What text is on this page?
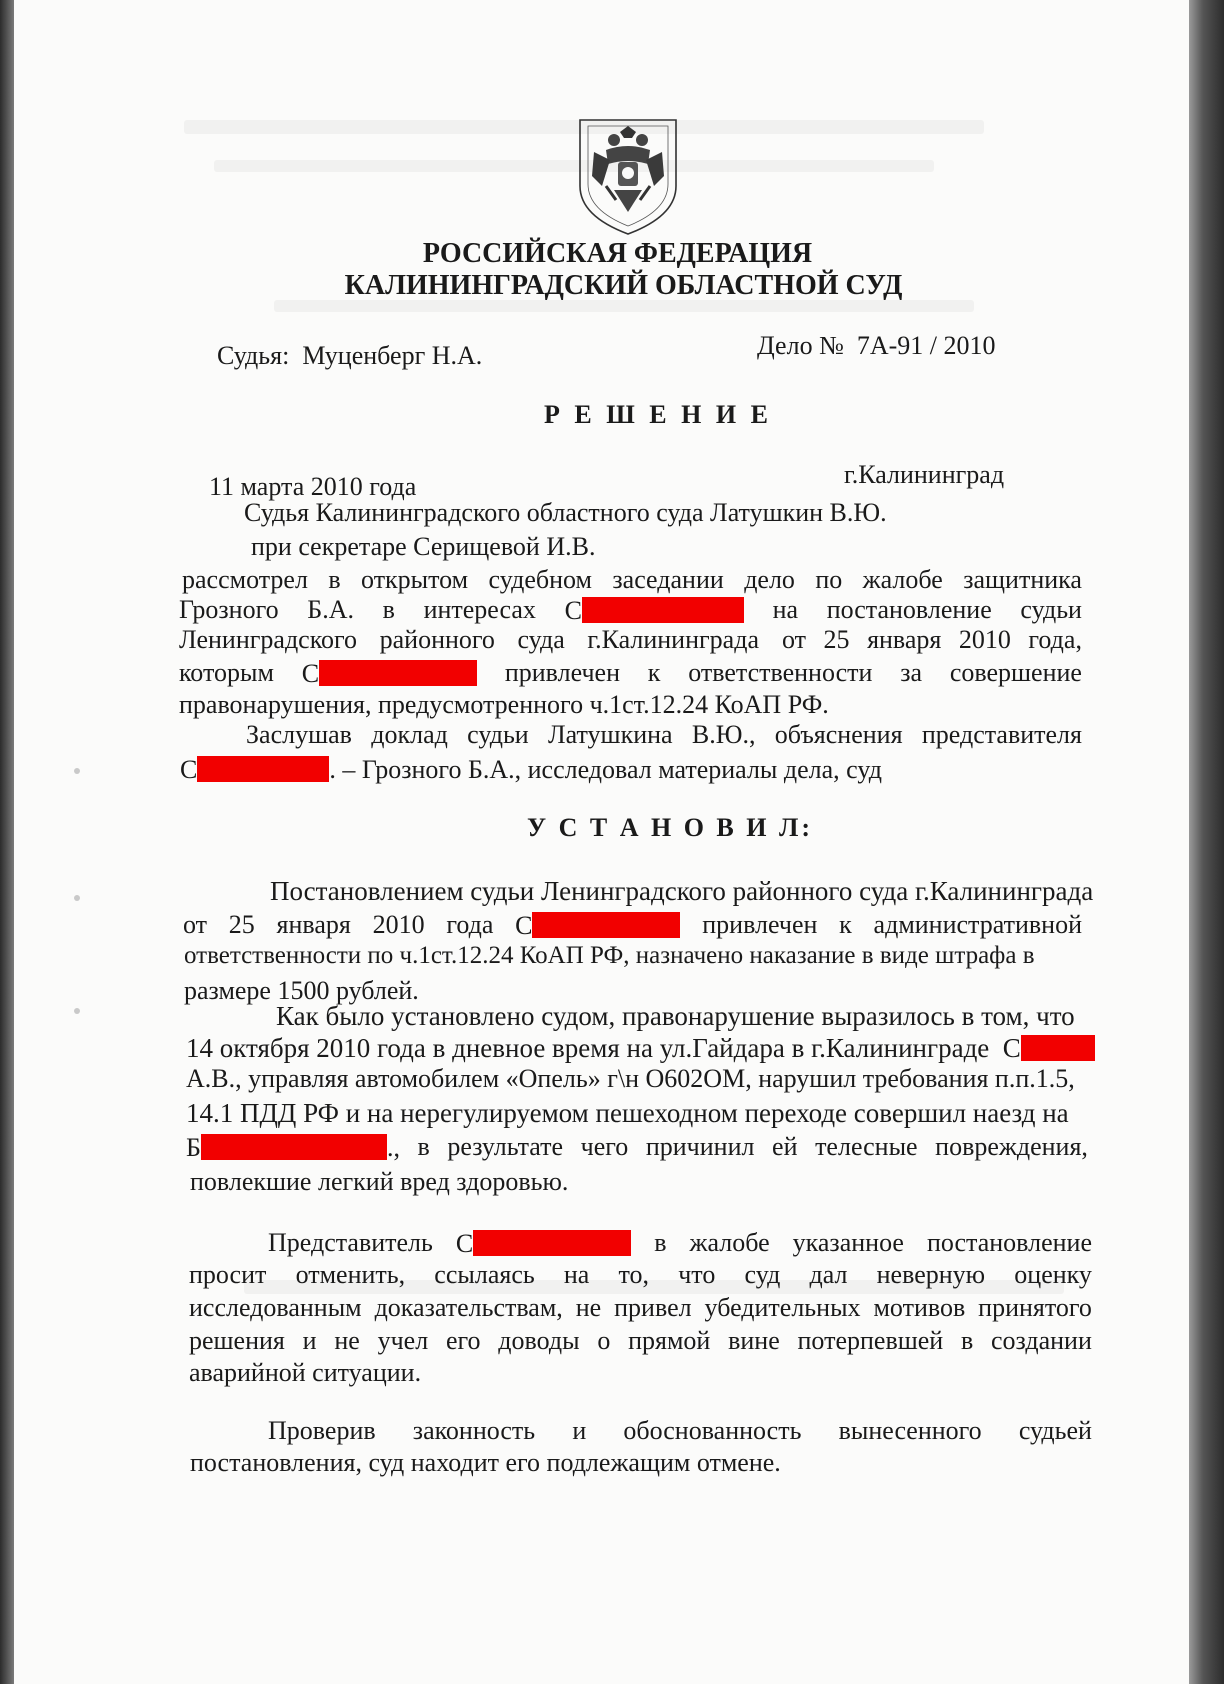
РОССИЙСКАЯ ФЕДЕРАЦИЯ
КАЛИНИНГРАДСКИЙ ОБЛАСТНОЙ СУД
Судья: Муценберг Н.А.	Дело № 7А-91 / 2010
Р Е Ш Е Н И Е
11 марта 2010 года	г.Калининград
Судья Калининградского областного суда Латушкин В.Ю.
при секретаре Серищевой И.В.
рассмотрел в открытом судебном заседании дело по жалобе защитника
Грозного Б.А. в интересах С	на постановление судьи
Ленинградского районного суда г.Калининграда от 25 января 2010 года,
которым С	привлечен к ответственности за совершение
правонарушения, предусмотренного ч.1ст.12.24 КоАП РФ.
Заслушав доклад судьи Латушкина В.Ю., объяснения представителя
С	. – Грозного Б.А., исследовал материалы дела, суд
У С Т А Н О В И Л:
Постановлением судьи Ленинградского районного суда г.Калининграда
от 25 января 2010 года С	привлечен к административной
ответственности по ч.1ст.12.24 КоАП РФ, назначено наказание в виде штрафа в
размере 1500 рублей.
Как было установлено судом, правонарушение выразилось в том, что
14 октября 2010 года в дневное время на ул.Гайдара в г.Калининграде С
А.В., управляя автомобилем «Опель» г\н О602ОМ, нарушил требования п.п.1.5,
14.1 ПДД РФ и на нерегулируемом пешеходном переходе совершил наезд на
Б	., в результате чего причинил ей телесные повреждения,
повлекшие легкий вред здоровью.
Представитель С	в жалобе указанное постановление
просит отменить, ссылаясь на то, что суд дал неверную оценку
исследованным доказательствам, не привел убедительных мотивов принятого
решения и не учел его доводы о прямой вине потерпевшей в создании
аварийной ситуации.
Проверив законность и обоснованность вынесенного судьей
постановления, суд находит его подлежащим отмене.
